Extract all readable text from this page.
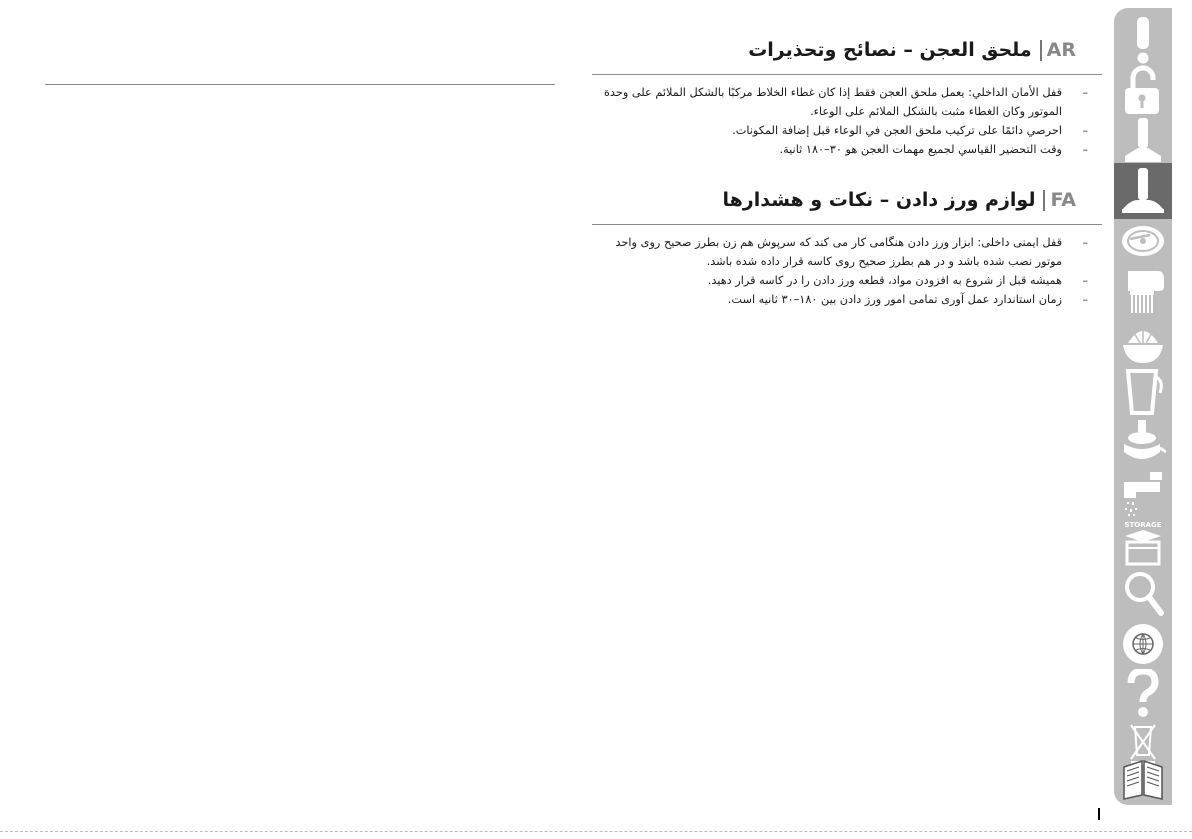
ملحق العجن – نصائح وتحذيرات AR
– قفل الأمان الداخلي: يعمل ملحق العجن فقط إذا كان غطاء الخلاط مركبًا بالشكل الملائم على وحدة الموتور وكان الغطاء مثبت بالشكل الملائم على الوعاء.
– احرصي دائمًا على تركيب ملحق العجن في الوعاء قبل إضافة المكونات.
– وقت التحضير القياسي لجميع مهمات العجن هو ٣٠–١٨٠ ثانية.
لوازم ورز دادن – نکات و هشدارها FA
– قفل ایمنی داخلی: ابزار ورز دادن هنگامی کار می کند که سرپوش هم زن بطرز صحیح روی واحد موتور نصب شده باشد و در هم بطرز صحیح روی کاسه قرار داده شده باشد.
– همیشه قبل از شروع به افزودن مواد، قطعه ورز دادن را در کاسه قرار دهید.
– زمان استاندارد عمل آوری تمامی امور ورز دادن بین ۱۸۰–۳۰ ثانیه است.
STORAGE
